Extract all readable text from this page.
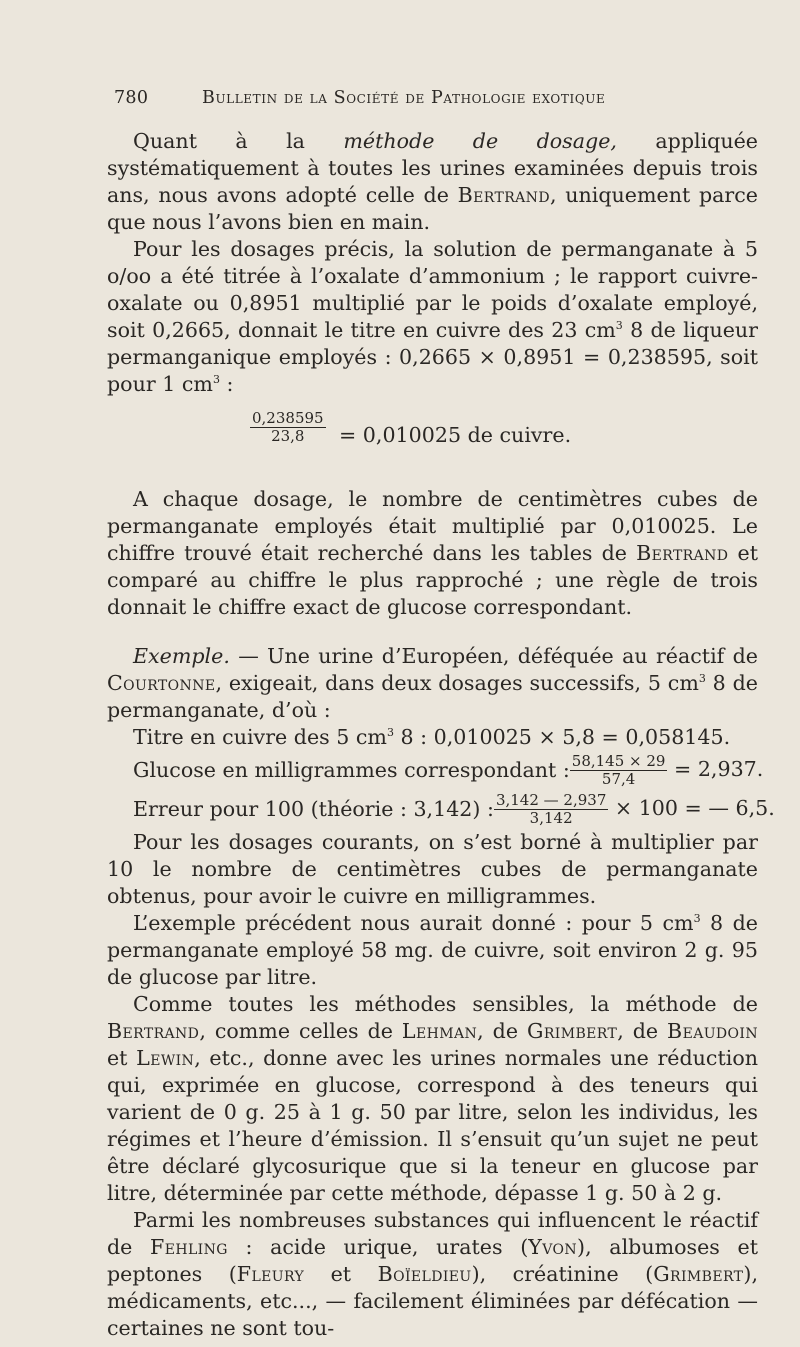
780	Bulletin de la Société de Pathologie exotique

Quant à la méthode de dosage, appliquée systématiquement à toutes les urines examinées depuis trois ans, nous avons adopté celle de Bertrand, uniquement parce que nous l’avons bien en main.

Pour les dosages précis, la solution de permanganate à 5 o/oo a été titrée à l’oxalate d’ammonium ; le rapport cuivre-oxalate ou 0,8951 multiplié par le poids d’oxalate employé, soit 0,2665, donnait le titre en cuivre des 23 $cm^3$ 8 de liqueur permanganique employés : 0,2665 × 0,8951 = 0,238595, soit pour 1 $cm^3$ :

$\frac{0,238595}{23,8} = 0,010025$ de cuivre.

A chaque dosage, le nombre de centimètres cubes de permanganate employés était multiplié par 0,010025. Le chiffre trouvé était recherché dans les tables de Bertrand et comparé au chiffre le plus rapproché ; une règle de trois donnait le chiffre exact de glucose correspondant.

Exemple. — Une urine d’Européen, déféquée au réactif de Courtonne, exigeait, dans deux dosages successifs, 5 $cm^3$ 8 de permanganate, d’où :

Titre en cuivre des 5 $cm^3$ 8 : 0,010025 × 5,8 = 0,058145.
Glucose en milligrammes correspondant : $\frac{58,145 \times 29}{57,4} = 2,937$.
Erreur pour 100 (théorie : 3,142) : $\frac{3,142 — 2,937}{3,142} \times 100$ = — 6,5.

Pour les dosages courants, on s’est borné à multiplier par 10 le nombre de centimètres cubes de permanganate obtenus, pour avoir le cuivre en milligrammes.

L’exemple précédent nous aurait donné : pour 5 $cm^3$ 8 de permanganate employé 58 mg. de cuivre, soit environ 2 g. 95 de glucose par litre.

Comme toutes les méthodes sensibles, la méthode de Bertrand, comme celles de Lehman, de Grimbert, de Beaudoin et Lewin, etc., donne avec les urines normales une réduction qui, exprimée en glucose, correspond à des teneurs qui varient de 0 g. 25 à 1 g. 50 par litre, selon les individus, les régimes et l’heure d’émission. Il s’ensuit qu’un sujet ne peut être déclaré glycosurique que si la teneur en glucose par litre, déterminée par cette méthode, dépasse 1 g. 50 à 2 g.

Parmi les nombreuses substances qui influencent le réactif de Fehling : acide urique, urates (Yvon), albumoses et peptones (Fleury et Boïeldieu), créatinine (Grimbert), médicaments, etc..., — facilement éliminées par défécation — certaines ne sont tou-
